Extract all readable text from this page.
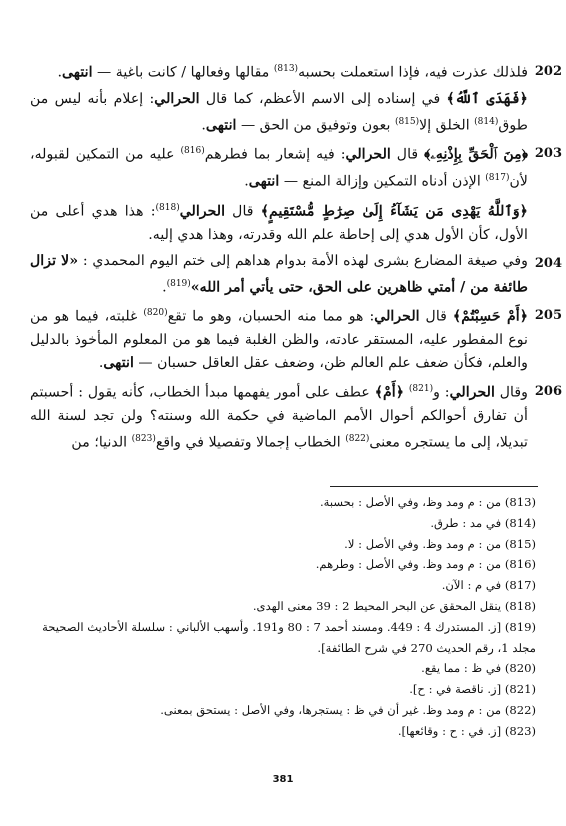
202
فلذلك عذرت فيه، فإذا استعملت بحسبه$^{(813)}$ مقالها وفعالها / كانت باغية — انتهى.

﴿فَهَدَى ٱللَّهُ﴾ في إسناده إلى الاسم الأعظم، كما قال الحرالي: إعلام بأنه ليس من طوق$^{(814)}$ الخلق إلا$^{(815)}$ بعون وتوفيق من الحق — انتهى.

203
﴿مِنَ ٱلْحَقِّ بِإِذْنِهِۦ﴾ قال الحرالي: فيه إشعار بما فطرهم$^{(816)}$ عليه من التمكين لقبوله، لأن$^{(817)}$ الإذن أدناه التمكين وإزالة المنع — انتهى.

﴿وَٱللَّهُ يَهْدِى مَن يَشَآءُ إِلَىٰ صِرَٰطٍ مُّسْتَقِيمٍ﴾ قال الحرالي$^{(818)}$: هذا هدي أعلى من الأول، كأن الأول هدي إلى إحاطة علم الله وقدرته، وهذا هدي إليه.

204
وفي صيغة المضارع بشرى لهذه الأمة بدوام هداهم إلى ختم اليوم المحمدي : «لا تزال طائفة من / أمتي ظاهرين على الحق، حتى يأتي أمر الله»$^{(819)}$.

205
﴿أَمْ حَسِبْتُمْ﴾ قال الحرالي: هو مما منه الحسبان، وهو ما تقع$^{(820)}$ غلبته، فيما هو من نوع المفطور عليه، المستقر عادته، والظن الغلبة فيما هو من المعلوم المأخوذ بالدليل والعلم، فكأن ضعف علم العالم ظن، وضعف عقل العاقل حسبان — انتهى.

206
وقال الحرالي: و$^{(821)}$ ﴿أَمْ﴾ عطف على أمور يفهمها مبدأ الخطاب، كأنه يقول : أحسبتم أن تفارق أحوالكم أحوال الأمم الماضية في حكمة الله وسنته؟ ولن تجد لسنة الله تبديلا، إلى ما يستجره معنى$^{(822)}$ الخطاب إجمالا وتفصيلا في واقع$^{(823)}$ الدنيا؛ من

(813) من : م ومد وظ، وفي الأصل : بحسبة.

(814) في مد : طرق.

(815) من : م ومد وظ. وفي الأصل : لا.

(816) من : م ومد وظ. وفي الأصل : وطرهم.

(817) في م : الآن.

(818) ينقل المحقق عن البحر المحيط 2 : 39 معنى الهدى.

(819) [ز. المستدرك 4 : 449. ومسند أحمد 7 : 80 و191. وأسهب الألباني : سلسلة الأحاديث الصحيحة مجلد 1، رقم الحديث 270 في شرح الطائفة].

(820) في ظ : مما يقع.

(821) [ز. ناقصة في : ح].

(822) من : م ومد وظ. غير أن في ظ : يستجرها، وفي الأصل : يستحق بمعنى.

(823) [ز. في : ح : وقائعها].

381
